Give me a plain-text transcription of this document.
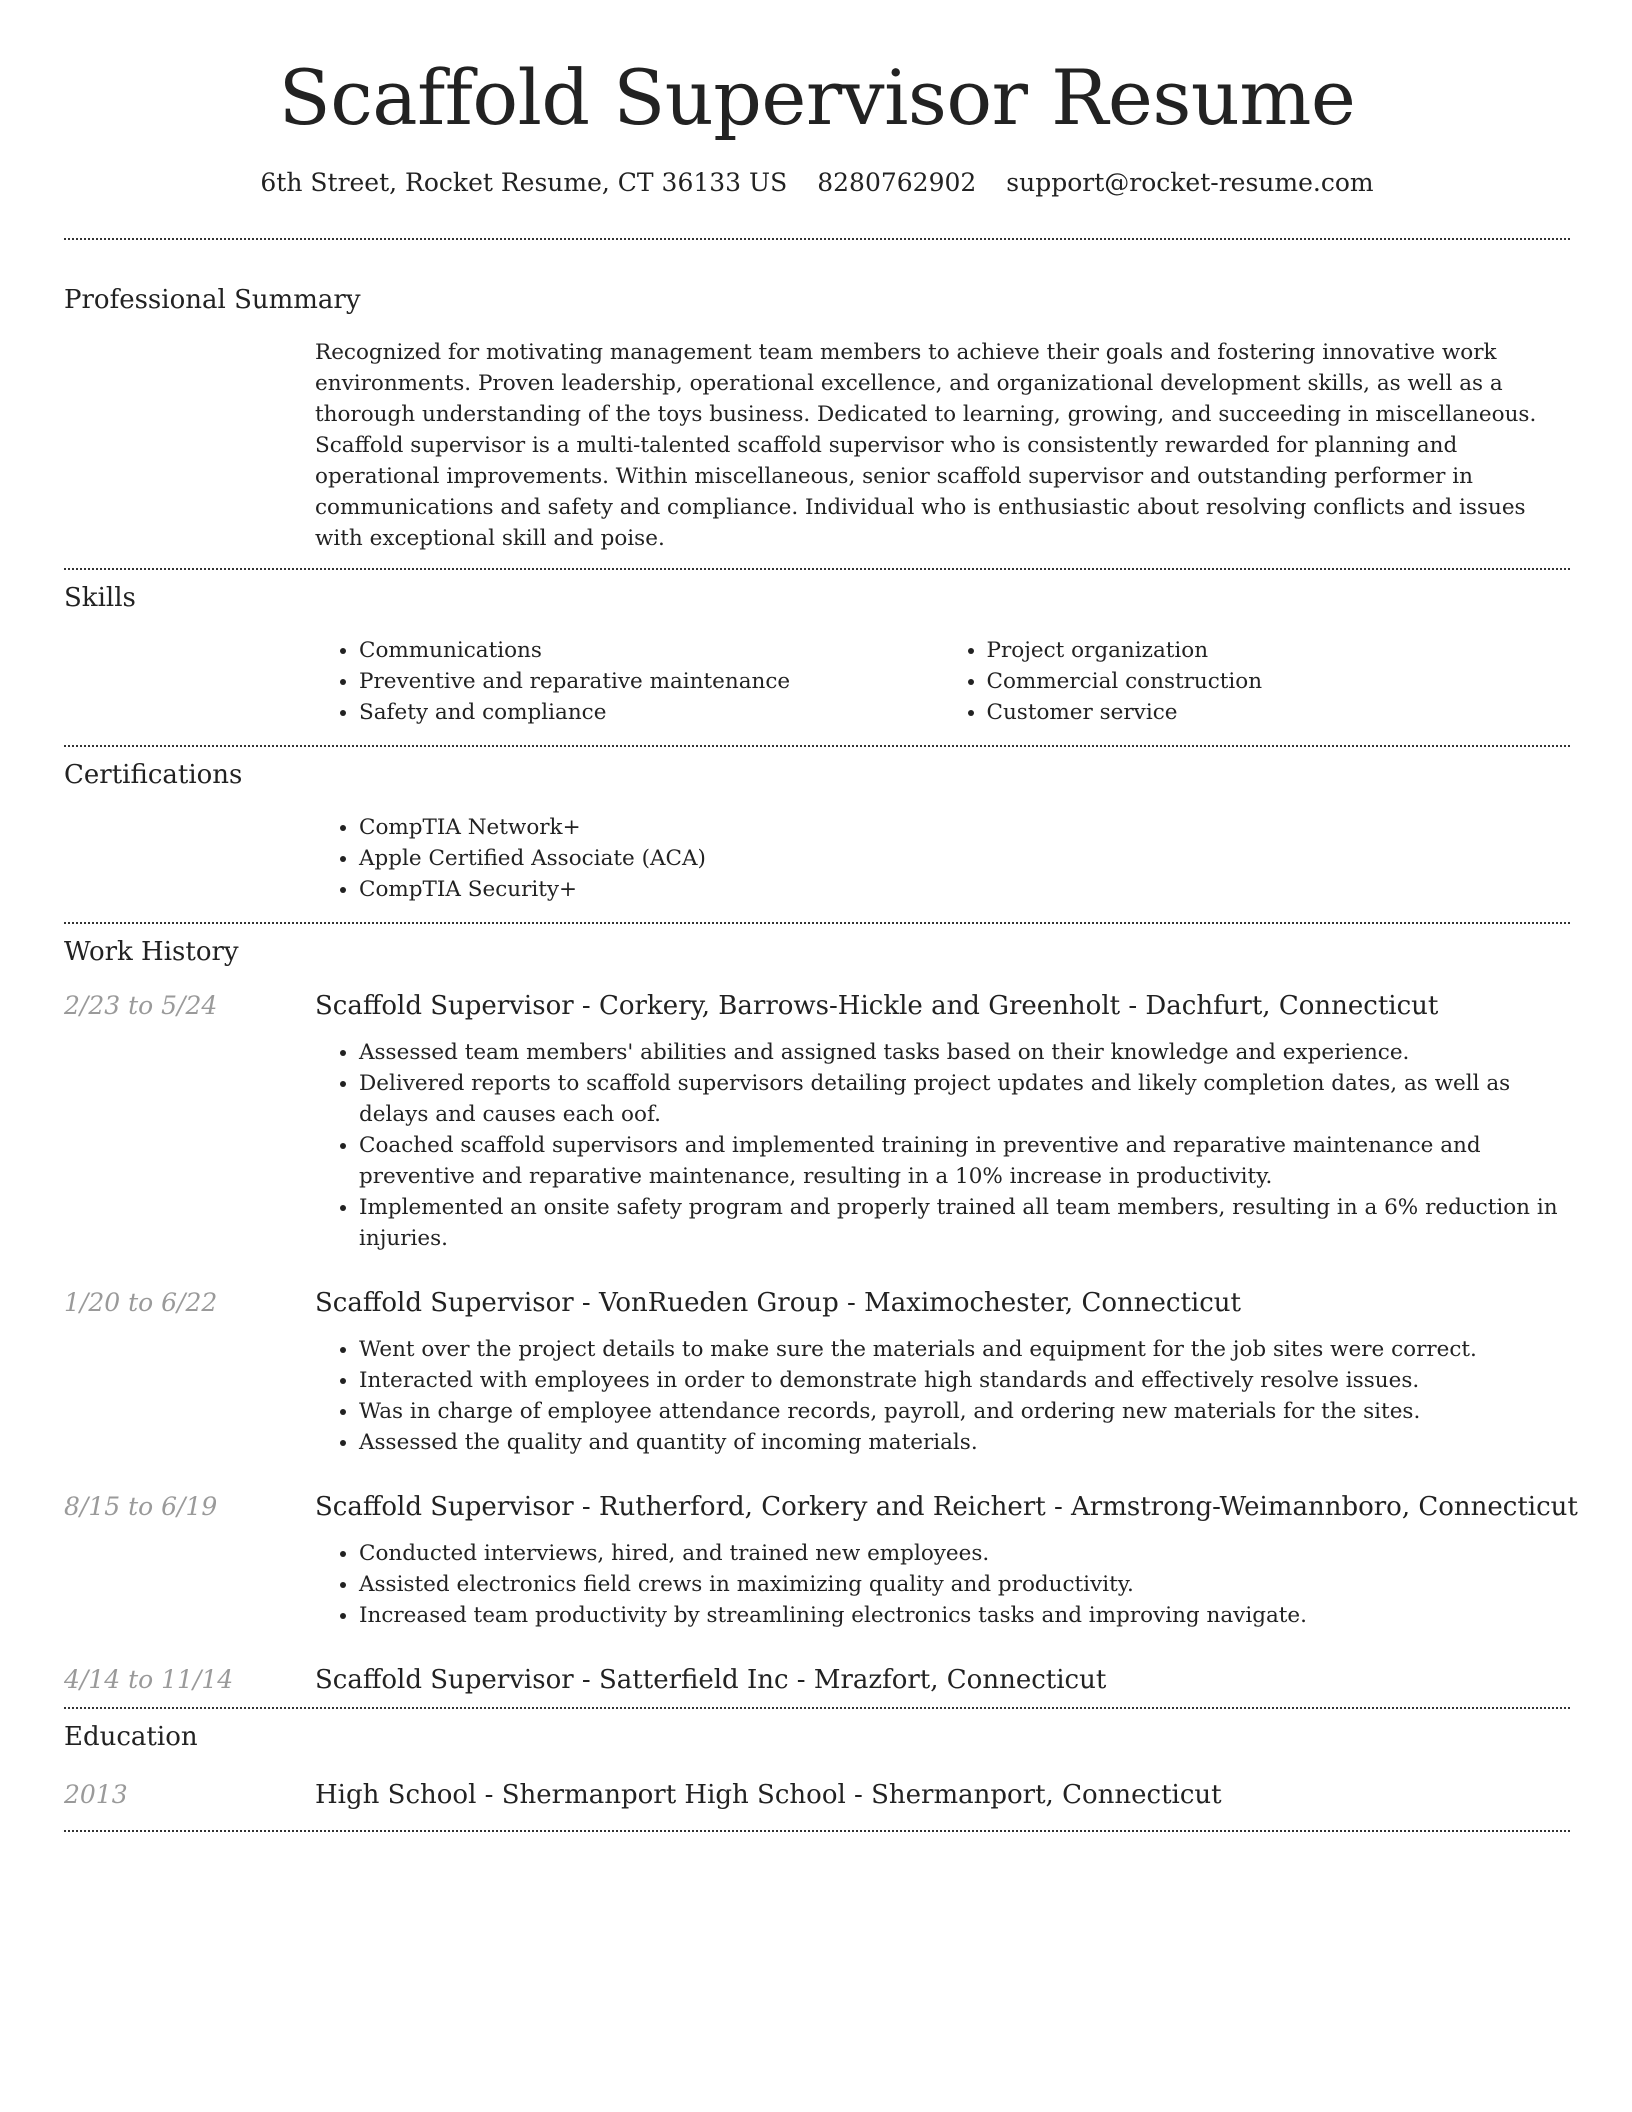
Scaffold Supervisor Resume
6th Street, Rocket Resume, CT 36133 US 8280762902 support@rocket-resume.com
Professional Summary
Recognized for motivating management team members to achieve their goals and fostering innovative work environments. Proven leadership, operational excellence, and organizational development skills, as well as a thorough understanding of the toys business. Dedicated to learning, growing, and succeeding in miscellaneous. Scaffold supervisor is a multi-talented scaffold supervisor who is consistently rewarded for planning and operational improvements. Within miscellaneous, senior scaffold supervisor and outstanding performer in communications and safety and compliance. Individual who is enthusiastic about resolving conflicts and issues with exceptional skill and poise.
Skills
• Communications
• Preventive and reparative maintenance
• Safety and compliance
• Project organization
• Commercial construction
• Customer service
Certifications
• CompTIA Network+
• Apple Certified Associate (ACA)
• CompTIA Security+
Work History
2/23 to 5/24	Scaffold Supervisor - Corkery, Barrows-Hickle and Greenholt - Dachfurt, Connecticut
• Assessed team members' abilities and assigned tasks based on their knowledge and experience.
• Delivered reports to scaffold supervisors detailing project updates and likely completion dates, as well as delays and causes each oof.
• Coached scaffold supervisors and implemented training in preventive and reparative maintenance and preventive and reparative maintenance, resulting in a 10% increase in productivity.
• Implemented an onsite safety program and properly trained all team members, resulting in a 6% reduction in injuries.
1/20 to 6/22	Scaffold Supervisor - VonRueden Group - Maximochester, Connecticut
• Went over the project details to make sure the materials and equipment for the job sites were correct.
• Interacted with employees in order to demonstrate high standards and effectively resolve issues.
• Was in charge of employee attendance records, payroll, and ordering new materials for the sites.
• Assessed the quality and quantity of incoming materials.
8/15 to 6/19	Scaffold Supervisor - Rutherford, Corkery and Reichert - Armstrong-Weimannboro, Connecticut
• Conducted interviews, hired, and trained new employees.
• Assisted electronics field crews in maximizing quality and productivity.
• Increased team productivity by streamlining electronics tasks and improving navigate.
4/14 to 11/14	Scaffold Supervisor - Satterfield Inc - Mrazfort, Connecticut
Education
2013	High School - Shermanport High School - Shermanport, Connecticut
